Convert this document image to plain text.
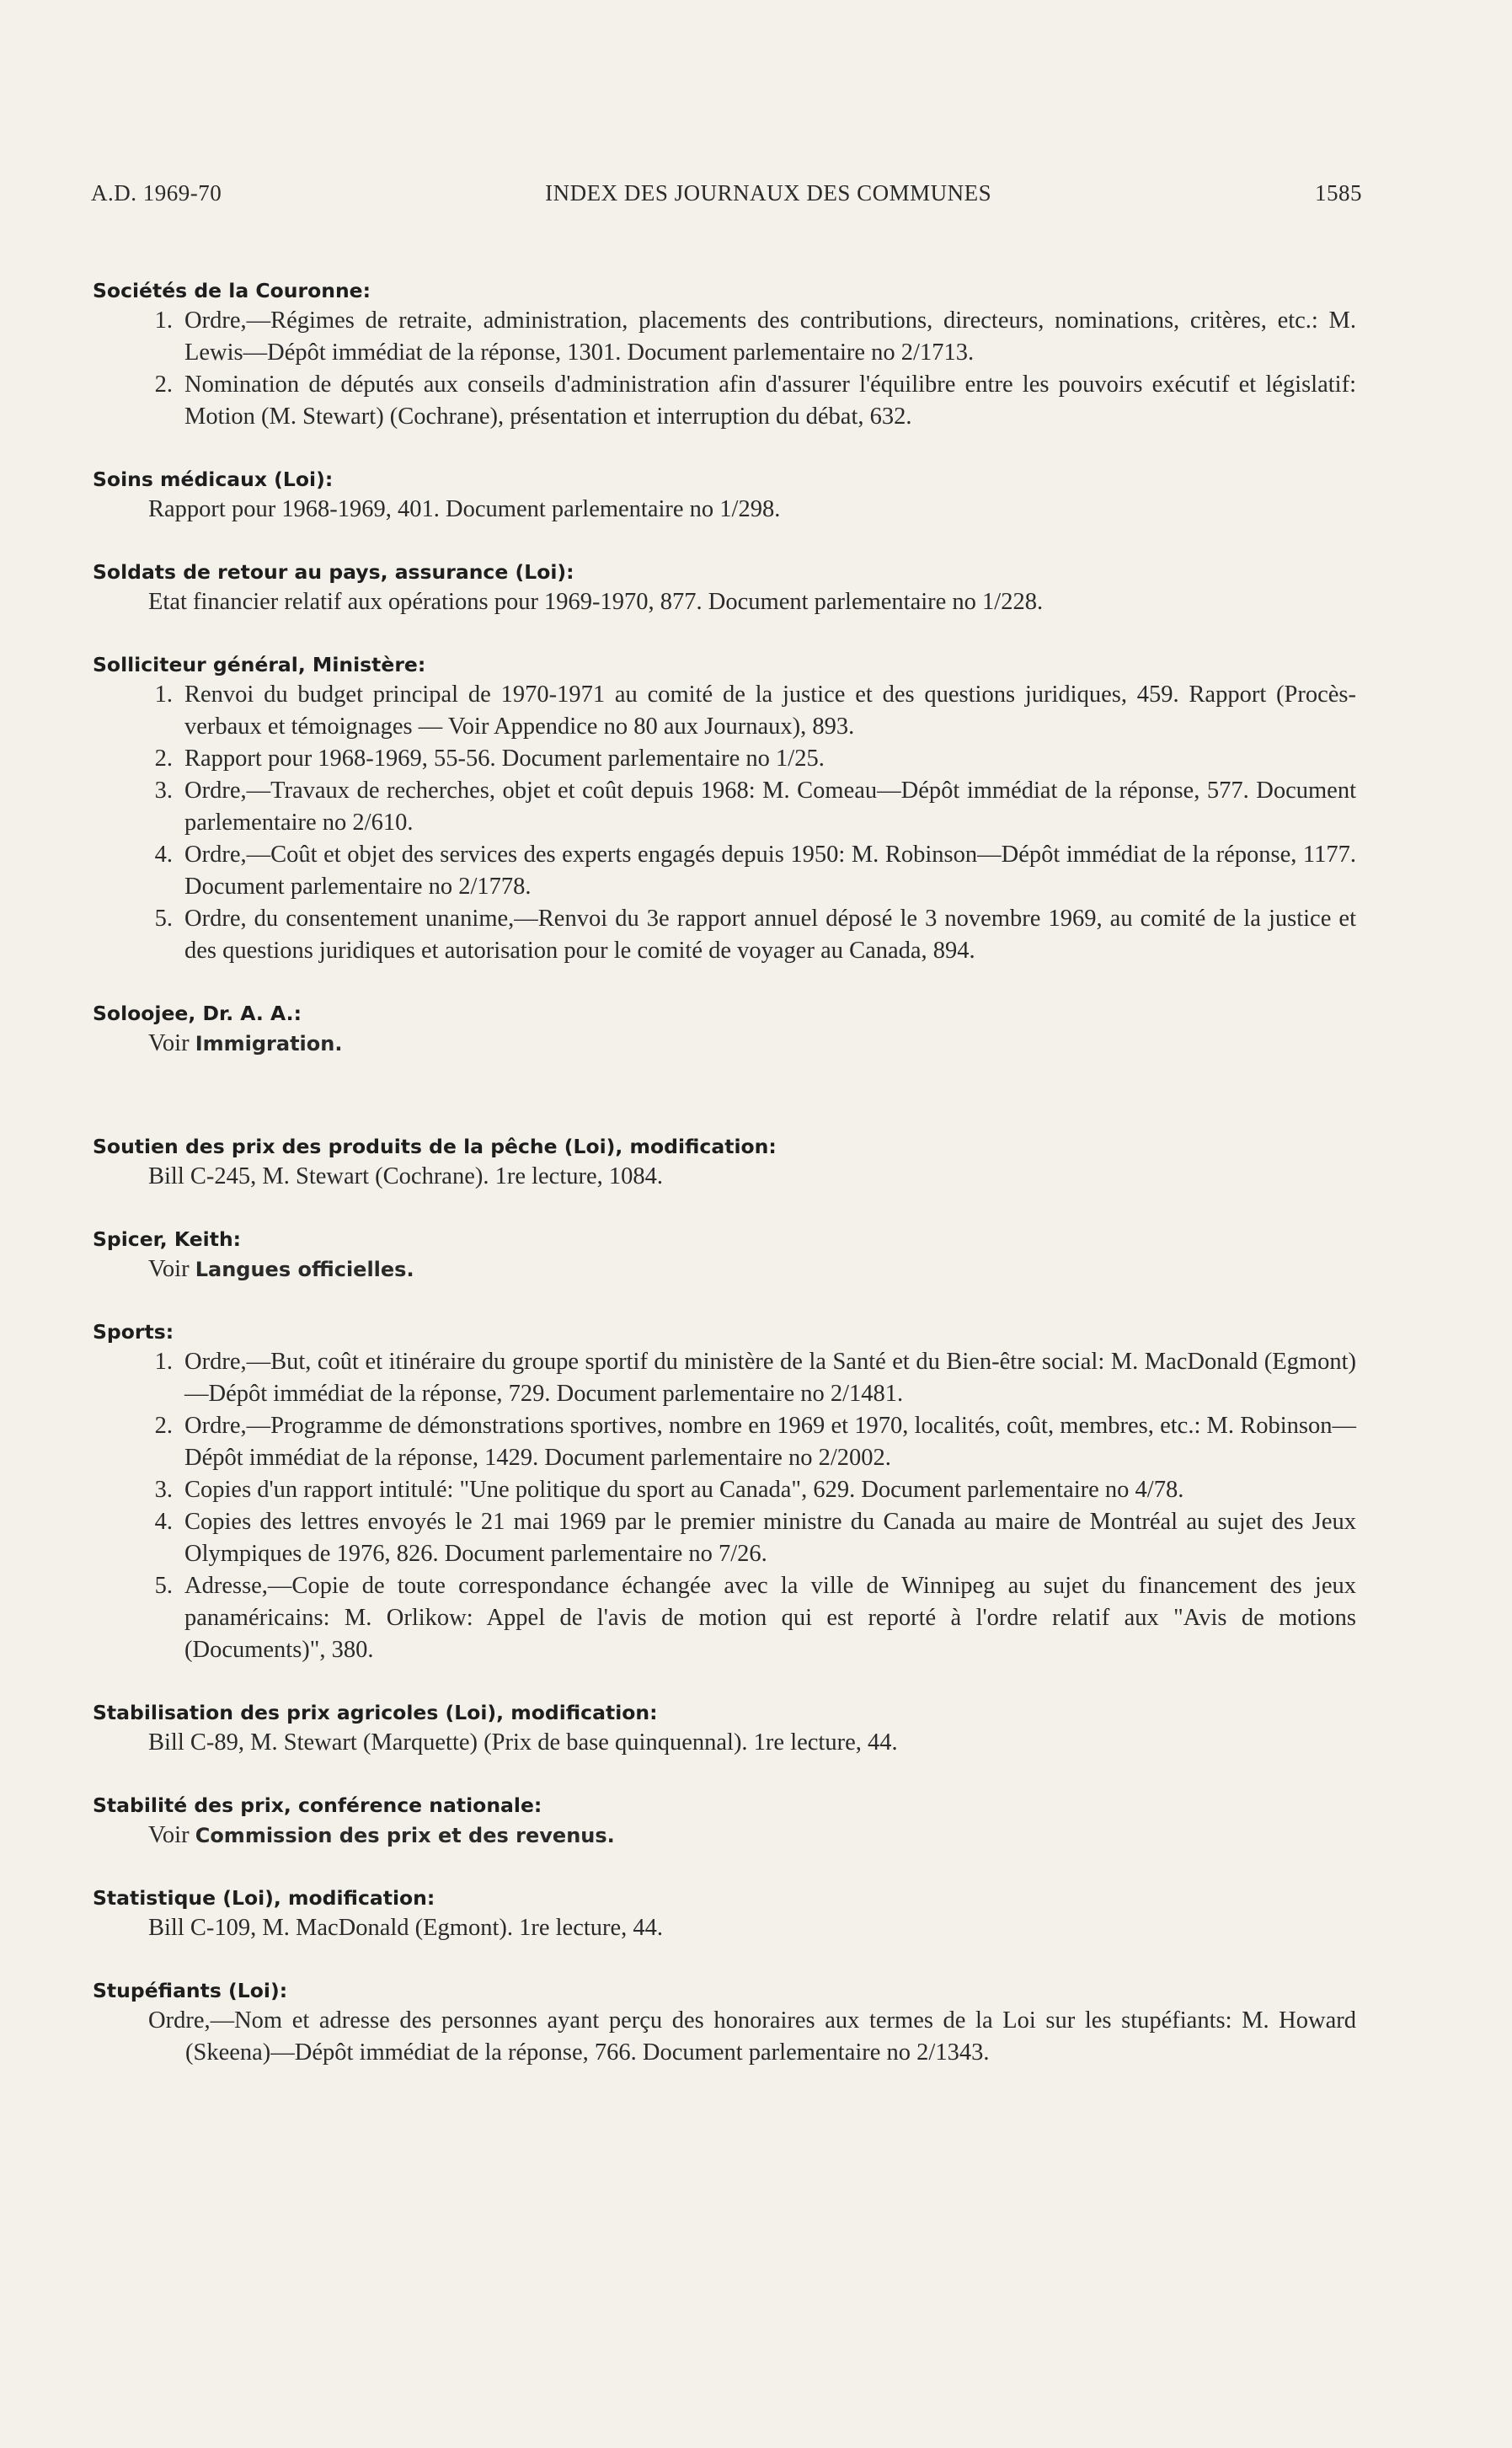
A.D. 1969-70	INDEX DES JOURNAUX DES COMMUNES	1585
Sociétés de la Couronne:
1. Ordre,—Régimes de retraite, administration, placements des contributions, directeurs, nominations, critères, etc.: M. Lewis—Dépôt immédiat de la réponse, 1301. Document parlementaire no 2/1713.
2. Nomination de députés aux conseils d'administration afin d'assurer l'équilibre entre les pouvoirs exécutif et législatif: Motion (M. Stewart) (Cochrane), présentation et interruption du débat, 632.
Soins médicaux (Loi):
Rapport pour 1968-1969, 401. Document parlementaire no 1/298.
Soldats de retour au pays, assurance (Loi):
Etat financier relatif aux opérations pour 1969-1970, 877. Document parlementaire no 1/228.
Solliciteur général, Ministère:
1. Renvoi du budget principal de 1970-1971 au comité de la justice et des questions juridiques, 459. Rapport (Procès-verbaux et témoignages — Voir Appendice no 80 aux Journaux), 893.
2. Rapport pour 1968-1969, 55-56. Document parlementaire no 1/25.
3. Ordre,—Travaux de recherches, objet et coût depuis 1968: M. Comeau—Dépôt immédiat de la réponse, 577. Document parlementaire no 2/610.
4. Ordre,—Coût et objet des services des experts engagés depuis 1950: M. Robinson—Dépôt immédiat de la réponse, 1177. Document parlementaire no 2/1778.
5. Ordre, du consentement unanime,—Renvoi du 3e rapport annuel déposé le 3 novembre 1969, au comité de la justice et des questions juridiques et autorisation pour le comité de voyager au Canada, 894.
Soloojee, Dr. A. A.:
Voir Immigration.
Soutien des prix des produits de la pêche (Loi), modification:
Bill C-245, M. Stewart (Cochrane). 1re lecture, 1084.
Spicer, Keith:
Voir Langues officielles.
Sports:
1. Ordre,—But, coût et itinéraire du groupe sportif du ministère de la Santé et du Bien-être social: M. MacDonald (Egmont)—Dépôt immédiat de la réponse, 729. Document parlementaire no 2/1481.
2. Ordre,—Programme de démonstrations sportives, nombre en 1969 et 1970, localités, coût, membres, etc.: M. Robinson—Dépôt immédiat de la réponse, 1429. Document parlementaire no 2/2002.
3. Copies d'un rapport intitulé: "Une politique du sport au Canada", 629. Document parlementaire no 4/78.
4. Copies des lettres envoyés le 21 mai 1969 par le premier ministre du Canada au maire de Montréal au sujet des Jeux Olympiques de 1976, 826. Document parlementaire no 7/26.
5. Adresse,—Copie de toute correspondance échangée avec la ville de Winnipeg au sujet du financement des jeux panaméricains: M. Orlikow: Appel de l'avis de motion qui est reporté à l'ordre relatif aux "Avis de motions (Documents)", 380.
Stabilisation des prix agricoles (Loi), modification:
Bill C-89, M. Stewart (Marquette) (Prix de base quinquennal). 1re lecture, 44.
Stabilité des prix, conférence nationale:
Voir Commission des prix et des revenus.
Statistique (Loi), modification:
Bill C-109, M. MacDonald (Egmont). 1re lecture, 44.
Stupéfiants (Loi):
Ordre,—Nom et adresse des personnes ayant perçu des honoraires aux termes de la Loi sur les stupéfiants: M. Howard (Skeena)—Dépôt immédiat de la réponse, 766. Document parlementaire no 2/1343.
